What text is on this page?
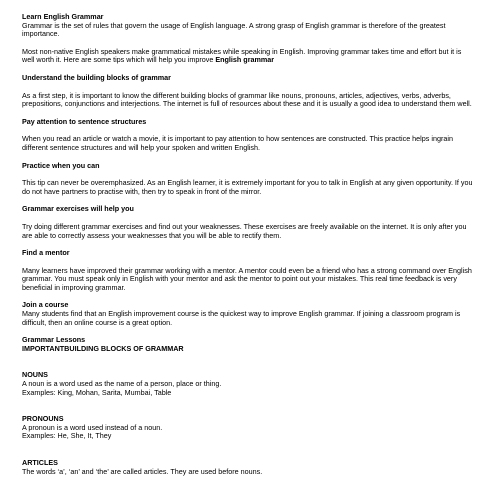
Learn English Grammar

Grammar is the set of rules that govern the usage of English language. A strong grasp of English grammar is therefore of the greatest importance.

Most non-native English speakers make grammatical mistakes while speaking in English. Improving grammar takes time and effort but it is well worth it. Here are some tips which will help you improve English grammar

Understand the building blocks of grammar

As a first step, it is important to know the different building blocks of grammar like nouns, pronouns, articles, adjectives, verbs, adverbs, prepositions, conjunctions and interjections. The internet is full of resources about these and it is usually a good idea to understand them well.

Pay attention to sentence structures

When you read an article or watch a movie, it is important to pay attention to how sentences are constructed. This practice helps ingrain different sentence structures and will help your spoken and written English.

Practice when you can

This tip can never be overemphasized. As an English learner, it is extremely important for you to talk in English at any given opportunity. If you do not have partners to practise with, then try to speak in front of the mirror.

Grammar exercises will help you

Try doing different grammar exercises and find out your weaknesses. These exercises are freely available on the internet. It is only after you are able to correctly assess your weaknesses that you will be able to rectify them.

Find a mentor

Many learners have improved their grammar working with a mentor. A mentor could even be a friend who has a strong command over English grammar. You must speak only in English with your mentor and ask the mentor to point out your mistakes. This real time feedback is very beneficial in improving grammar.

Join a course

Many students find that an English improvement course is the quickest way to improve English grammar. If joining a classroom program is difficult, then an online course is a great option.

Grammar Lessons

IMPORTANTBUILDING BLOCKS OF GRAMMAR

NOUNS

A noun is a word used as the name of a person, place or thing.

Examples: King, Mohan, Sarita, Mumbai, Table

PRONOUNS

A pronoun is a word used instead of a noun.

Examples: He, She, It, They

ARTICLES

The words ‘a’, ‘an’ and ‘the’ are called articles. They are used before nouns.
